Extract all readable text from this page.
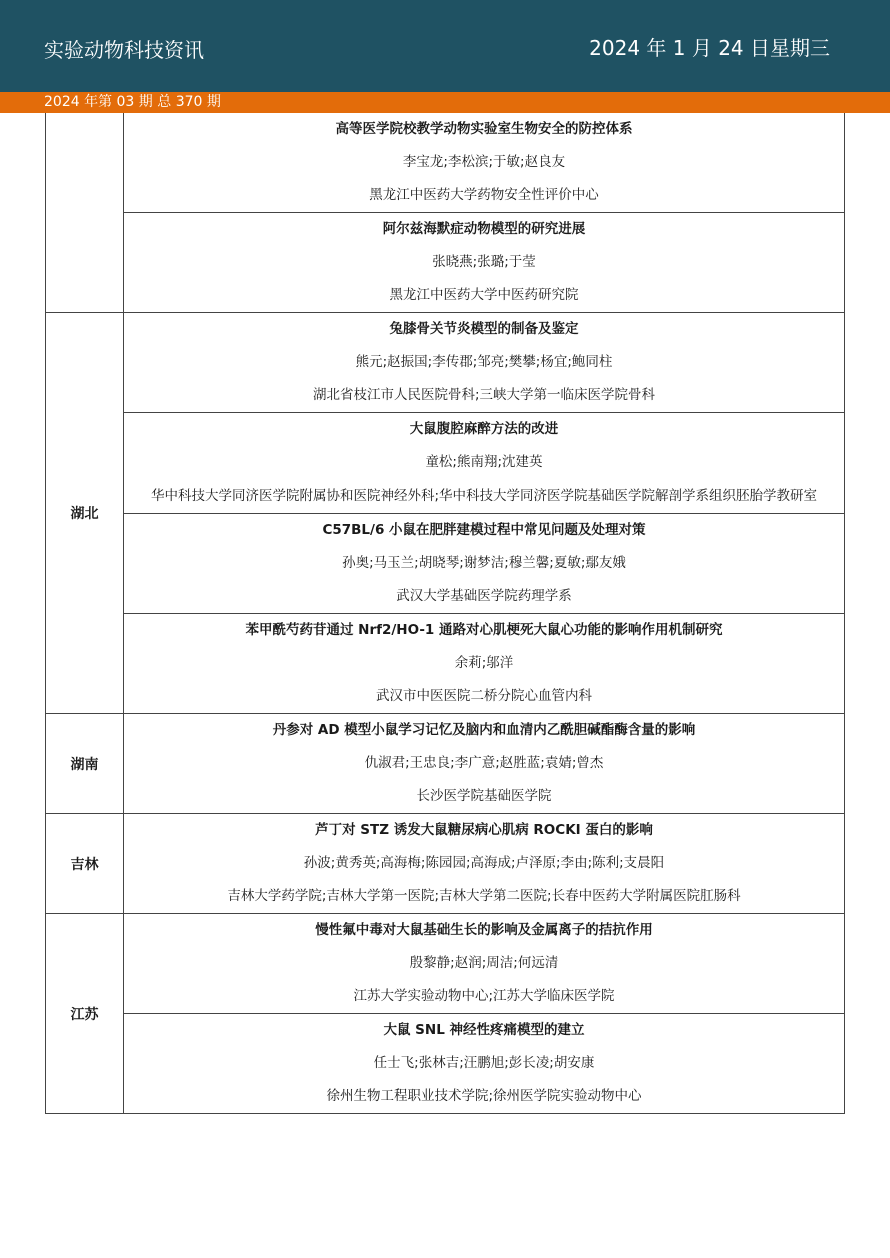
实验动物科技资讯	2024 年 1 月 24 日星期三
2024 年第 03 期 总 370 期

	高等医学院校教学动物实验室生物安全的防控体系
李宝龙;李松滨;于敏;赵良友
黑龙江中医药大学药物安全性评价中心

	阿尔兹海默症动物模型的研究进展
张晓燕;张璐;于莹
黑龙江中医药大学中医药研究院

湖北	兔膝骨关节炎模型的制备及鉴定
熊元;赵振国;李传郡;邹亮;樊攀;杨宜;鲍同柱
湖北省枝江市人民医院骨科;三峡大学第一临床医学院骨科

	大鼠腹腔麻醉方法的改进
童松;熊南翔;沈建英
华中科技大学同济医学院附属协和医院神经外科;华中科技大学同济医学院基础医学院解剖学系组织胚胎学教研室

	C57BL/6 小鼠在肥胖建模过程中常见问题及处理对策
孙奥;马玉兰;胡晓琴;谢梦洁;穆兰馨;夏敏;鄢友娥
武汉大学基础医学院药理学系

	苯甲酰芍药苷通过 Nrf2/HO-1 通路对心肌梗死大鼠心功能的影响作用机制研究
余莉;邬洋
武汉市中医医院二桥分院心血管内科

湖南	丹参对 AD 模型小鼠学习记忆及脑内和血清内乙酰胆碱酯酶含量的影响
仇淑君;王忠良;李广意;赵胜蓝;袁婧;曾杰
长沙医学院基础医学院

吉林	芦丁对 STZ 诱发大鼠糖尿病心肌病 ROCKI 蛋白的影响
孙波;黄秀英;高海梅;陈园园;高海成;卢泽原;李由;陈利;支晨阳
吉林大学药学院;吉林大学第一医院;吉林大学第二医院;长春中医药大学附属医院肛肠科

江苏	慢性氟中毒对大鼠基础生长的影响及金属离子的拮抗作用
殷黎静;赵润;周洁;何远清
江苏大学实验动物中心;江苏大学临床医学院

	大鼠 SNL 神经性疼痛模型的建立
任士飞;张林吉;汪鹏旭;彭长凌;胡安康
徐州生物工程职业技术学院;徐州医学院实验动物中心
